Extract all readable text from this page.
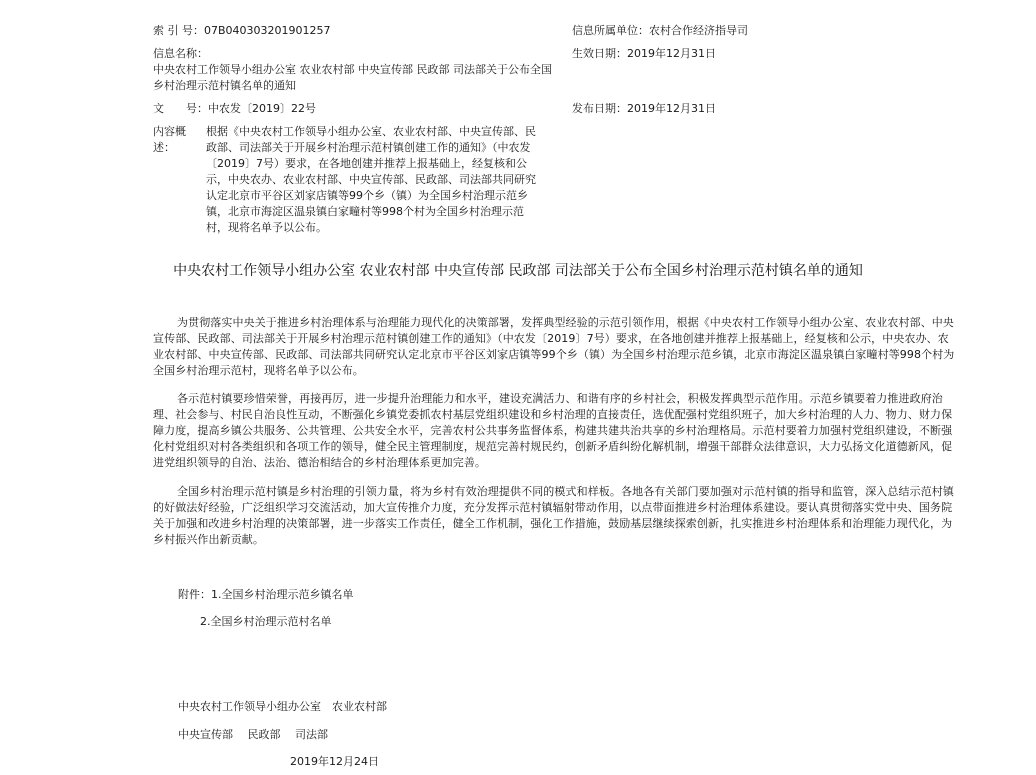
索 引 号：07B040303201901257	信息所属单位：农村合作经济指导司
信息名称：
中央农村工作领导小组办公室 农业农村部 中央宣传部 民政部 司法部关于公布全国乡村治理示范村镇名单的通知
生效日期：2019年12月31日
文　　号：中农发〔2019〕22号	发布日期：2019年12月31日
内容概述：
根据《中央农村工作领导小组办公室、农业农村部、中央宣传部、民政部、司法部关于开展乡村治理示范村镇创建工作的通知》（中农发〔2019〕7号）要求，在各地创建并推荐上报基础上，经复核和公示，中央农办、农业农村部、中央宣传部、民政部、司法部共同研究认定北京市平谷区刘家店镇等99个乡（镇）为全国乡村治理示范乡镇，北京市海淀区温泉镇白家疃村等998个村为全国乡村治理示范村，现将名单予以公布。
中央农村工作领导小组办公室 农业农村部 中央宣传部 民政部 司法部关于公布全国乡村治理示范村镇名单的通知
为贯彻落实中央关于推进乡村治理体系与治理能力现代化的决策部署，发挥典型经验的示范引领作用，根据《中央农村工作领导小组办公室、农业农村部、中央宣传部、民政部、司法部关于开展乡村治理示范村镇创建工作的通知》（中农发〔2019〕7号）要求，在各地创建并推荐上报基础上，经复核和公示，中央农办、农业农村部、中央宣传部、民政部、司法部共同研究认定北京市平谷区刘家店镇等99个乡（镇）为全国乡村治理示范乡镇，北京市海淀区温泉镇白家疃村等998个村为全国乡村治理示范村，现将名单予以公布。
各示范村镇要珍惜荣誉，再接再厉，进一步提升治理能力和水平，建设充满活力、和谐有序的乡村社会，积极发挥典型示范作用。示范乡镇要着力推进政府治理、社会参与、村民自治良性互动，不断强化乡镇党委抓农村基层党组织建设和乡村治理的直接责任，选优配强村党组织班子，加大乡村治理的人力、物力、财力保障力度，提高乡镇公共服务、公共管理、公共安全水平，完善农村公共事务监督体系，构建共建共治共享的乡村治理格局。示范村要着力加强村党组织建设，不断强化村党组织对村各类组织和各项工作的领导，健全民主管理制度，规范完善村规民约，创新矛盾纠纷化解机制，增强干部群众法律意识，大力弘扬文化道德新风，促进党组织领导的自治、法治、德治相结合的乡村治理体系更加完善。
全国乡村治理示范村镇是乡村治理的引领力量，将为乡村有效治理提供不同的模式和样板。各地各有关部门要加强对示范村镇的指导和监管，深入总结示范村镇的好做法好经验，广泛组织学习交流活动，加大宣传推介力度，充分发挥示范村镇辐射带动作用，以点带面推进乡村治理体系建设。要认真贯彻落实党中央、国务院关于加强和改进乡村治理的决策部署，进一步落实工作责任，健全工作机制，强化工作措施，鼓励基层继续探索创新，扎实推进乡村治理体系和治理能力现代化，为乡村振兴作出新贡献。
附件：1.全国乡村治理示范乡镇名单
2.全国乡村治理示范村名单
中央农村工作领导小组办公室　农业农村部
中央宣传部　 民政部　 司法部
2019年12月24日
